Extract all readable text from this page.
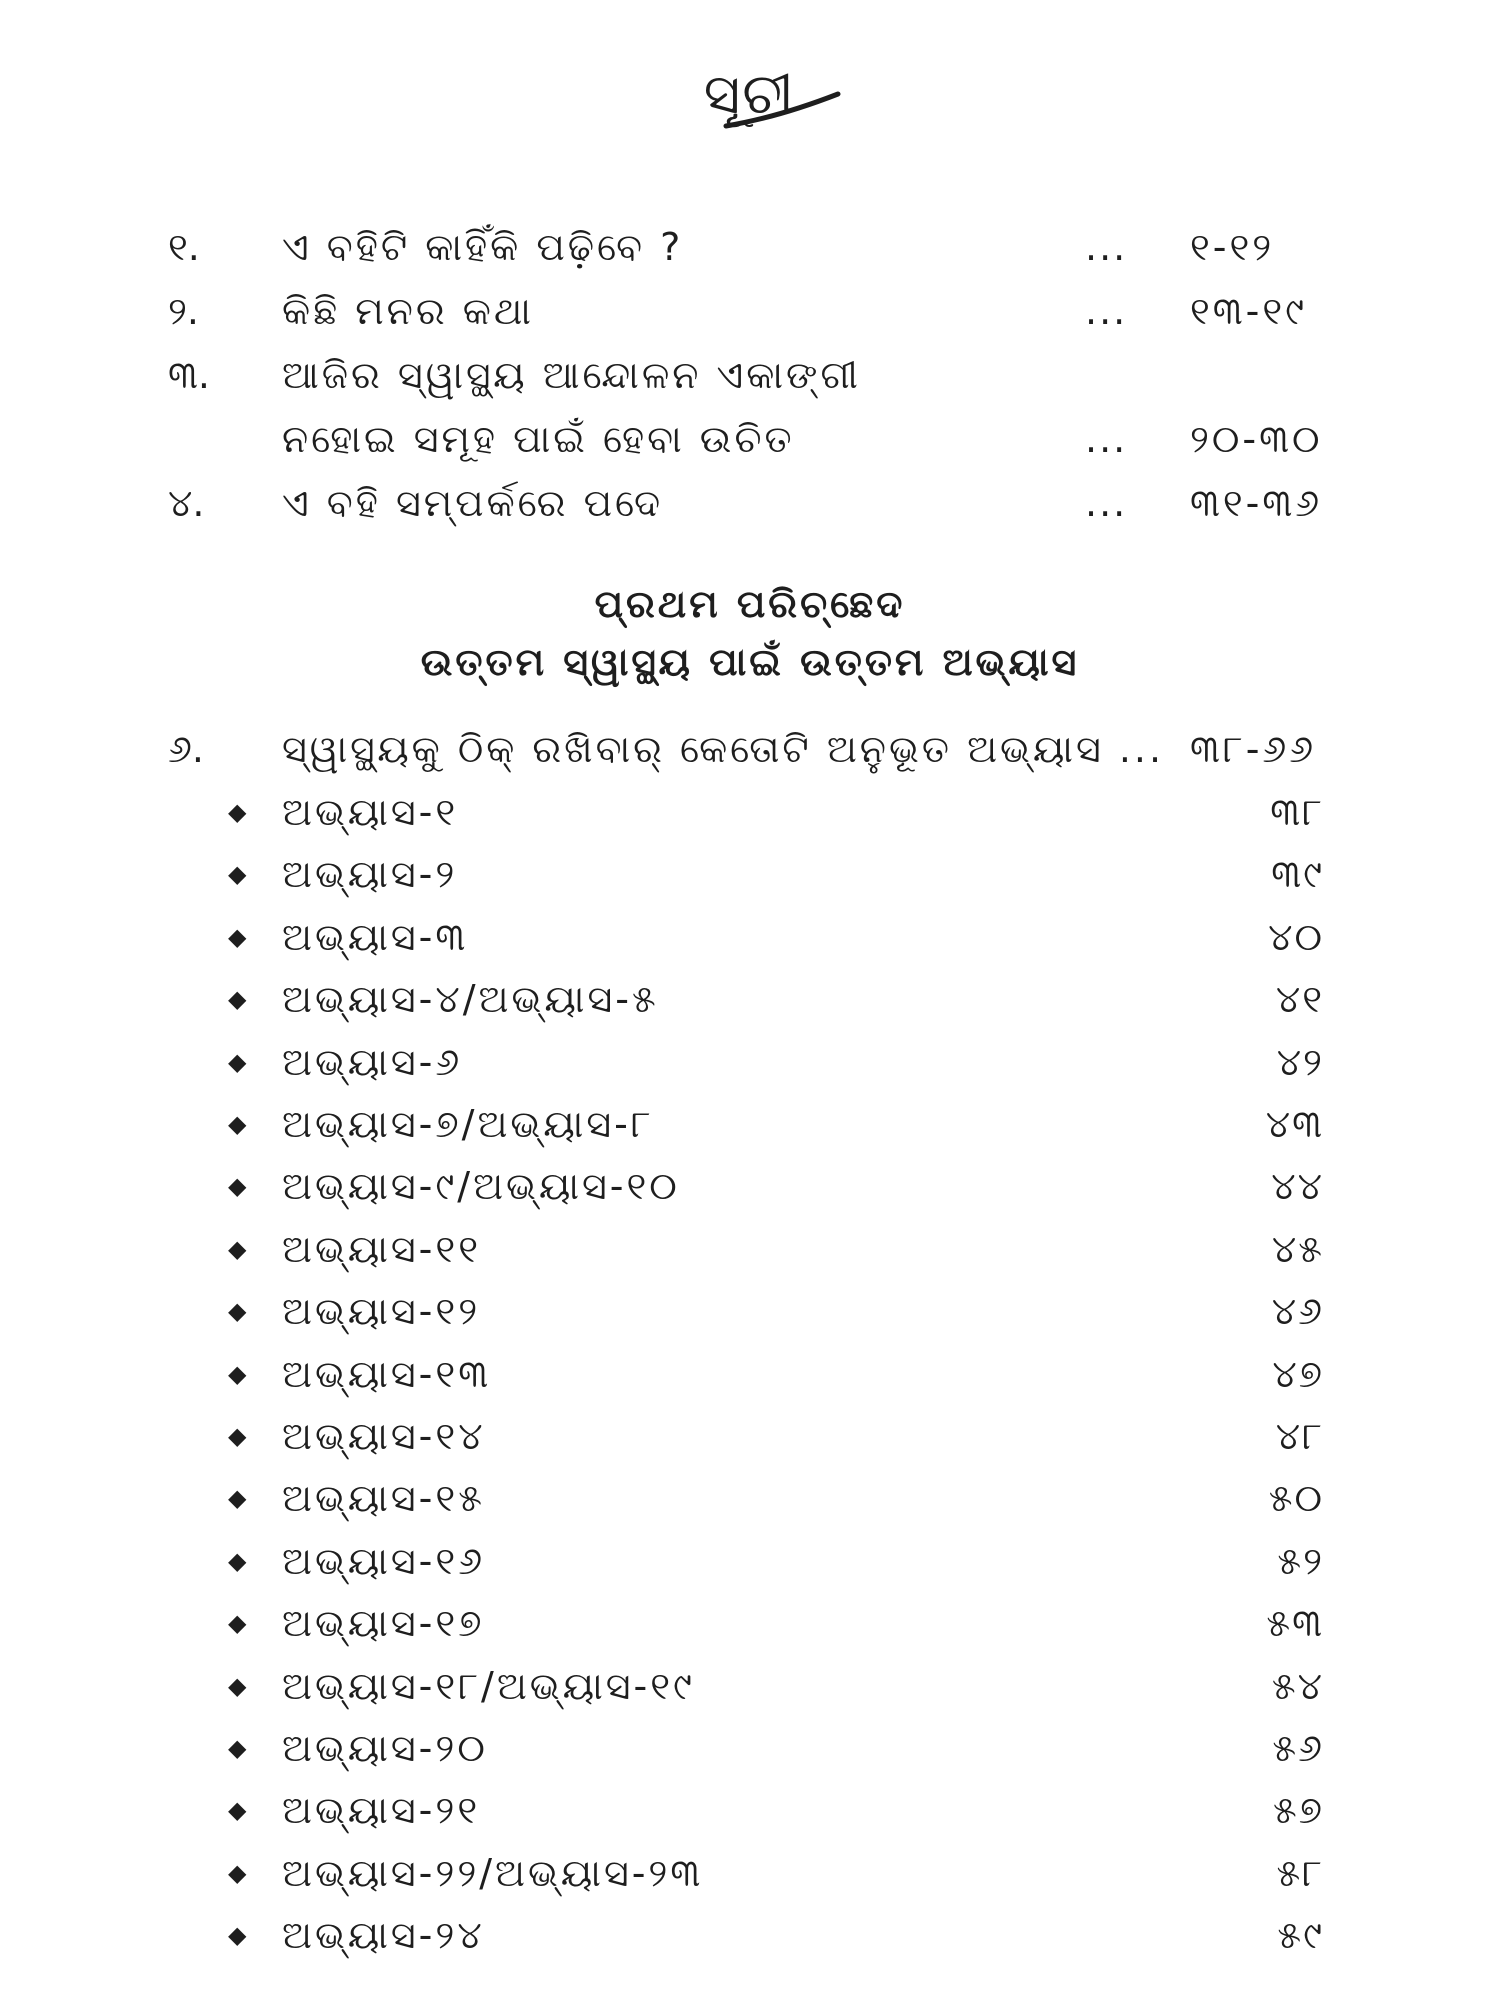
ସୂଚୀ
୧.	ଏ ବହିଟି କାହିଁକି ପଢ଼ିବେ ?	... ୧-୧୨
୨.	କିଛି ମନର କଥା	... ୧୩-୧୯
୩.	ଆଜିର ସ୍ୱାସ୍ଥ୍ୟ ଆନ୍ଦୋଳନ ଏକାଙ୍ଗୀ
ନହୋଇ ସମୂହ ପାଇଁ ହେବା ଉଚିତ	... ୨୦-୩୦
୪.	ଏ ବହି ସମ୍ପର୍କରେ ପଦେ	... ୩୧-୩୬
ପ୍ରଥମ ପରିଚ୍ଛେଦ
ଉତ୍ତମ ସ୍ୱାସ୍ଥ୍ୟ ପାଇଁ ଉତ୍ତମ ଅଭ୍ୟାସ
୬.	ସ୍ୱାସ୍ଥ୍ୟକୁ ଠିକ୍ ରଖିବାର୍ କେତୋଟି ଅନୁଭୂତ ଅଭ୍ୟାସ ... ୩୮-୬୬
◆ ଅଭ୍ୟାସ-୧	୩୮
◆ ଅଭ୍ୟାସ-୨	୩୯
◆ ଅଭ୍ୟାସ-୩	୪୦
◆ ଅଭ୍ୟାସ-୪/ଅଭ୍ୟାସ-୫	୪୧
◆ ଅଭ୍ୟାସ-୬	୪୨
◆ ଅଭ୍ୟାସ-୭/ଅଭ୍ୟାସ-୮	୪୩
◆ ଅଭ୍ୟାସ-୯/ଅଭ୍ୟାସ-୧୦	୪୪
◆ ଅଭ୍ୟାସ-୧୧	୪୫
◆ ଅଭ୍ୟାସ-୧୨	୪୬
◆ ଅଭ୍ୟାସ-୧୩	୪୭
◆ ଅଭ୍ୟାସ-୧୪	୪୮
◆ ଅଭ୍ୟାସ-୧୫	୫୦
◆ ଅଭ୍ୟାସ-୧୬	୫୨
◆ ଅଭ୍ୟାସ-୧୭	୫୩
◆ ଅଭ୍ୟାସ-୧୮/ଅଭ୍ୟାସ-୧୯	୫୪
◆ ଅଭ୍ୟାସ-୨୦	୫୬
◆ ଅଭ୍ୟାସ-୨୧	୫୭
◆ ଅଭ୍ୟାସ-୨୨/ଅଭ୍ୟାସ-୨୩	୫୮
◆ ଅଭ୍ୟାସ-୨୪	୫୯
